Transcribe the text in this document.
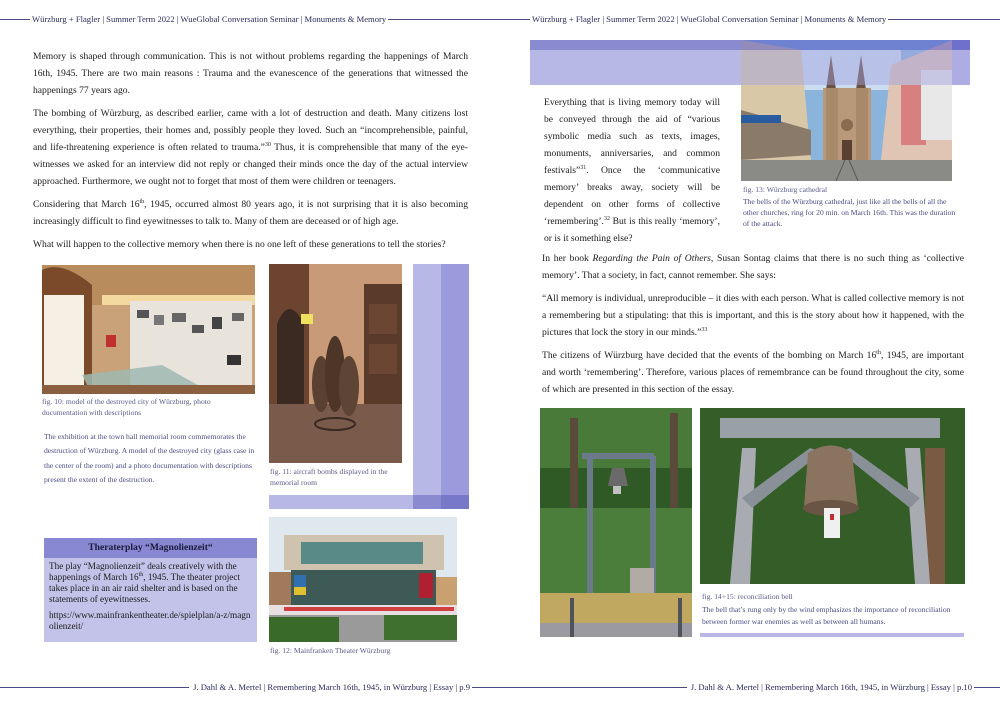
Würzburg + Flagler | Summer Term 2022 | WueGlobal Conversation Seminar | Monuments & Memory

Memory is shaped through communication. This is not without problems regarding the happenings of March 16th, 1945. There are two main reasons : Trauma and the evanescence of the generations that witnessed the happenings 77 years ago.

The bombing of Würzburg, as described earlier, came with a lot of destruction and death. Many citizens lost everything, their properties, their homes and, possibly people they loved. Such an “incomprehensible, painful, and life-threatening experience is often related to trauma.”$^{30}$ Thus, it is comprehensible that many of the eye-witnesses we asked for an interview did not reply or changed their minds once the day of the actual interview approached. Furthermore, we ought not to forget that most of them were children or teenagers.

Considering that March 16th, 1945, occurred almost 80 years ago, it is not surprising that it is also becoming increasingly difficult to find eyewitnesses to talk to. Many of them are deceased or of high age.

What will happen to the collective memory when there is no one left of these generations to tell the stories?

fig. 10: model of the destroyed city of Würzburg, photo documentation with descriptions
The exhibition at the town hall memorial room commemorates the destruction of Würzburg. A model of the destroyed city (glass case in the center of the room) and a photo documentation with descriptions present the extent of the destruction.
fig. 11: aircraft bombs displayed in the memorial room
Theraterplay “Magnolienzeit“

The play “Magnolienzeit” deals creatively with the happenings of March 16th, 1945. The theater project takes place in an air raid shelter and is based on the statements of eyewitnesses.

https://www.mainfrankentheater.de/spielplan/a-z/magnolienzeit/

fig. 12: Mainfranken Theater Würzburg
J. Dahl & A. Mertel | Remembering March 16th, 1945, in Würzburg | Essay | p.9
Würzburg + Flagler | Summer Term 2022 | WueGlobal Conversation Seminar | Monuments & Memory
fig. 13: Würzburg cathedral
The bells of the Würzburg cathedral, just like all the bells of all the other churches, ring for 20 min. on March 16th. This was the duration of the attack.

Everything that is living memory today will be conveyed through the aid of “various symbolic media such as texts, images, monuments, anniversaries, and common festivals”$^{31}$. Once the ‘communicative memory’ breaks away, society will be dependent on other forms of collective ‘remembering’.$^{32}$ But is this really ‘memory’, or is it something else?

In her book Regarding the Pain of Others, Susan Sontag claims that there is no such thing as ‘collective memory’. That a society, in fact, cannot remember. She says:

“All memory is individual, unreproducible – it dies with each person. What is called collective memory is not a remembering but a stipulating: that this is important, and this is the story about how it happened, with the pictures that lock the story in our minds.”$^{33}$

The citizens of Würzburg have decided that the events of the bombing on March 16th, 1945, are important and worth ‘remembering’. Therefore, various places of remembrance can be found throughout the city, some of which are presented in this section of the essay.

fig. 14+15: reconciliation bell
The bell that’s rung only by the wind emphasizes the importance of reconciliation between former war enemies as well as between all humans.
J. Dahl & A. Mertel | Remembering March 16th, 1945, in Würzburg | Essay | p.10
